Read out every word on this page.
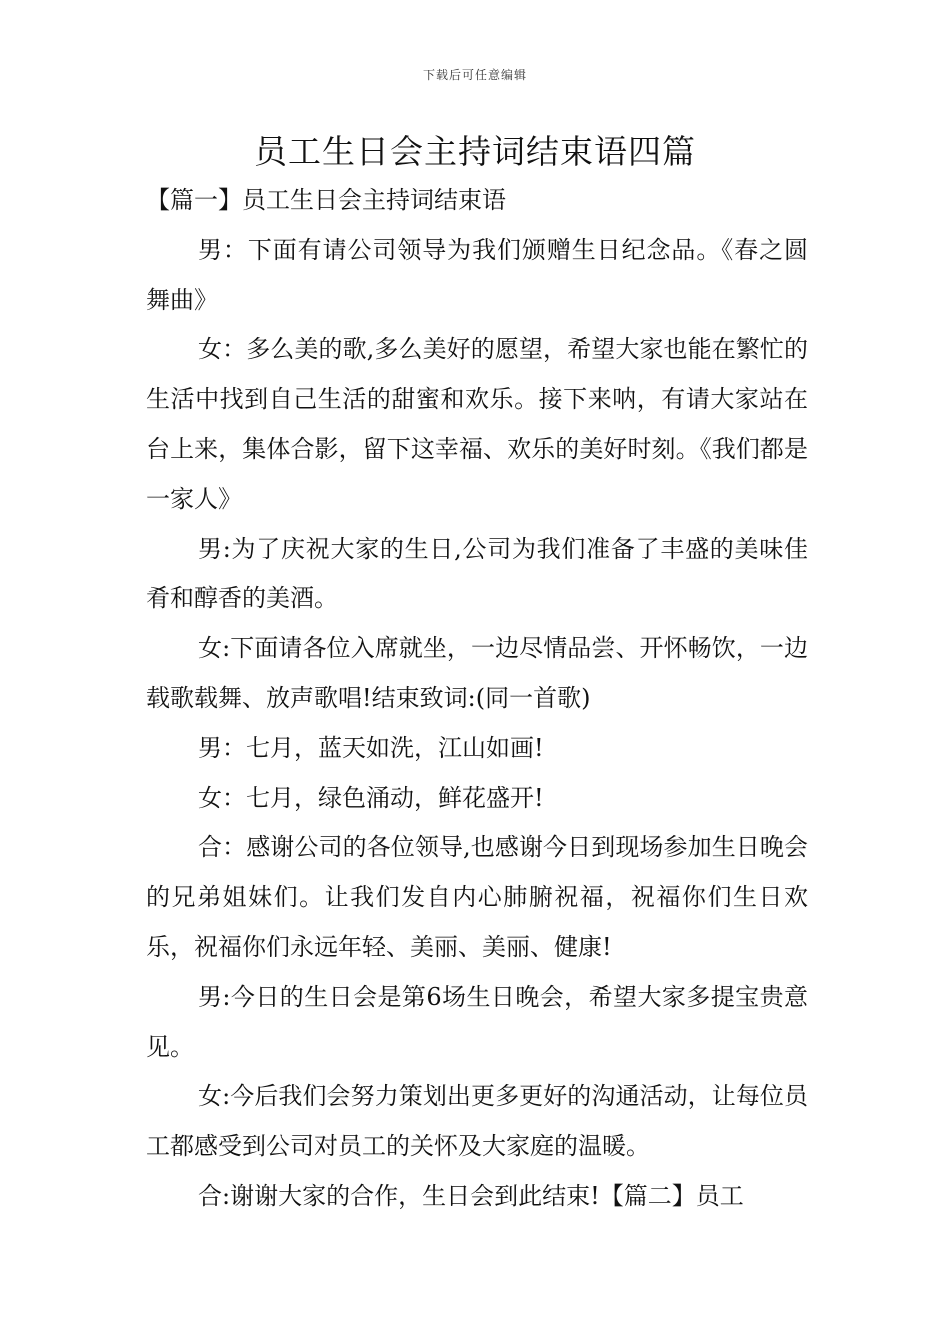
下载后可任意编辑
员工生日会主持词结束语四篇
【篇一】员工生日会主持词结束语

男：下面有请公司领导为我们颁赠生日纪念品。《春之圆舞曲》

女：多么美的歌,多么美好的愿望，希望大家也能在繁忙的生活中找到自己生活的甜蜜和欢乐。接下来呐，有请大家站在台上来，集体合影，留下这幸福、欢乐的美好时刻。《我们都是一家人》

男:为了庆祝大家的生日,公司为我们准备了丰盛的美味佳肴和醇香的美酒。

女:下面请各位入席就坐，一边尽情品尝、开怀畅饮，一边载歌载舞、放声歌唱!结束致词:(同一首歌)

男：七月，蓝天如洗，江山如画!

女：七月，绿色涌动，鲜花盛开!

合：感谢公司的各位领导,也感谢今日到现场参加生日晚会的兄弟姐妹们。让我们发自内心肺腑祝福，祝福你们生日欢乐，祝福你们永远年轻、美丽、美丽、健康!

男:今日的生日会是第6场生日晚会，希望大家多提宝贵意见。

女:今后我们会努力策划出更多更好的沟通活动，让每位员工都感受到公司对员工的关怀及大家庭的温暖。

合:谢谢大家的合作，生日会到此结束!【篇二】员工
